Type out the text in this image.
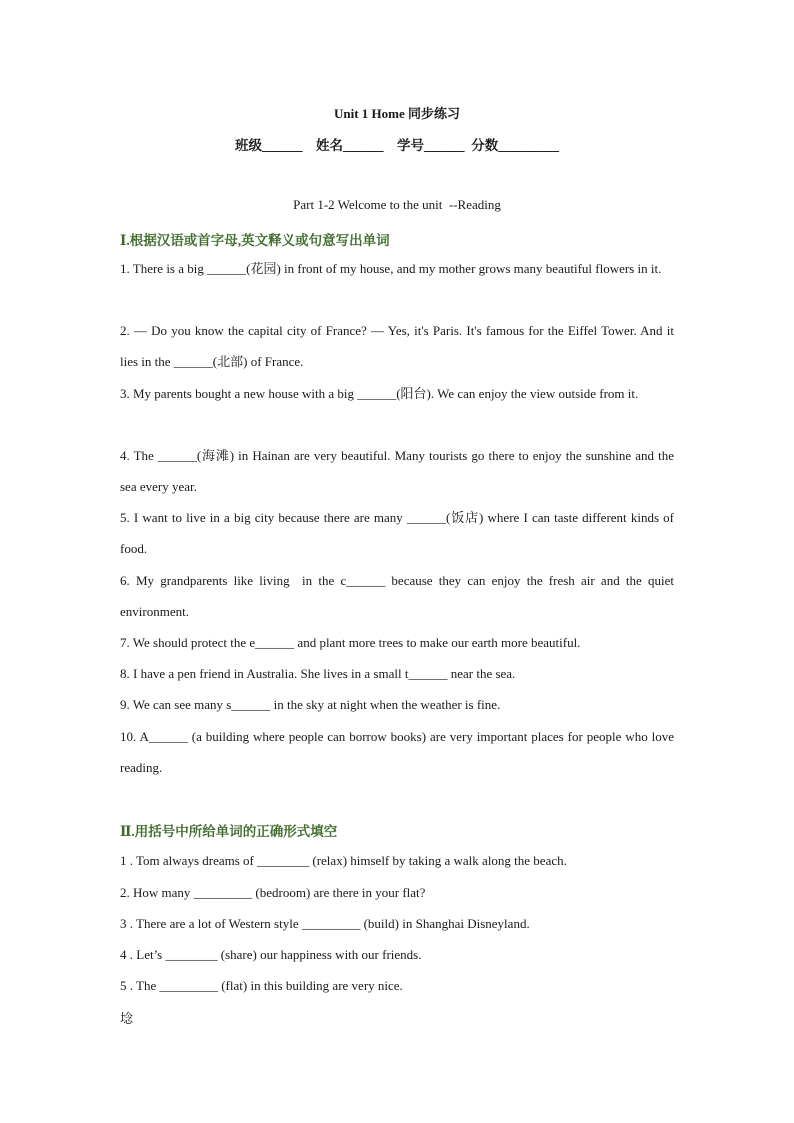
Unit 1 Home 同步练习
班级______    姓名______    学号______  分数_________
Part 1-2 Welcome to the unit  --Reading
Ⅰ.根据汉语或首字母,英文释义或句意写出单词
1. There is a big ______(花园) in front of my house, and my mother grows many beautiful flowers in it.
2. — Do you know the capital city of France? — Yes, it's Paris. It's famous for the Eiffel Tower. And it lies in the ______(北部) of France.
3. My parents bought a new house with a big ______(阳台). We can enjoy the view outside from it.
4. The ______(海滩) in Hainan are very beautiful. Many tourists go there to enjoy the sunshine and the sea every year.
5. I want to live in a big city because there are many ______(饭店) where I can taste different kinds of food.
6. My grandparents like living  in the c______ because they can enjoy the fresh air and the quiet environment.
7. We should protect the e______ and plant more trees to make our earth more beautiful.
8. I have a pen friend in Australia. She lives in a small t______ near the sea.
9. We can see many s______ in the sky at night when the weather is fine.
10. A______ (a building where people can borrow books) are very important places for people who love reading.
Ⅱ.用括号中所给单词的正确形式填空
1 . Tom always dreams of ________ (relax) himself by taking a walk along the beach.
2. How many _________ (bedroom) are there in your flat?
3 . There are a lot of Western style _________ (build) in Shanghai Disneyland.
4 . Let’s ________ (share) our happiness with our friends.
5 . The _________ (flat) in this building are very nice.
埝
